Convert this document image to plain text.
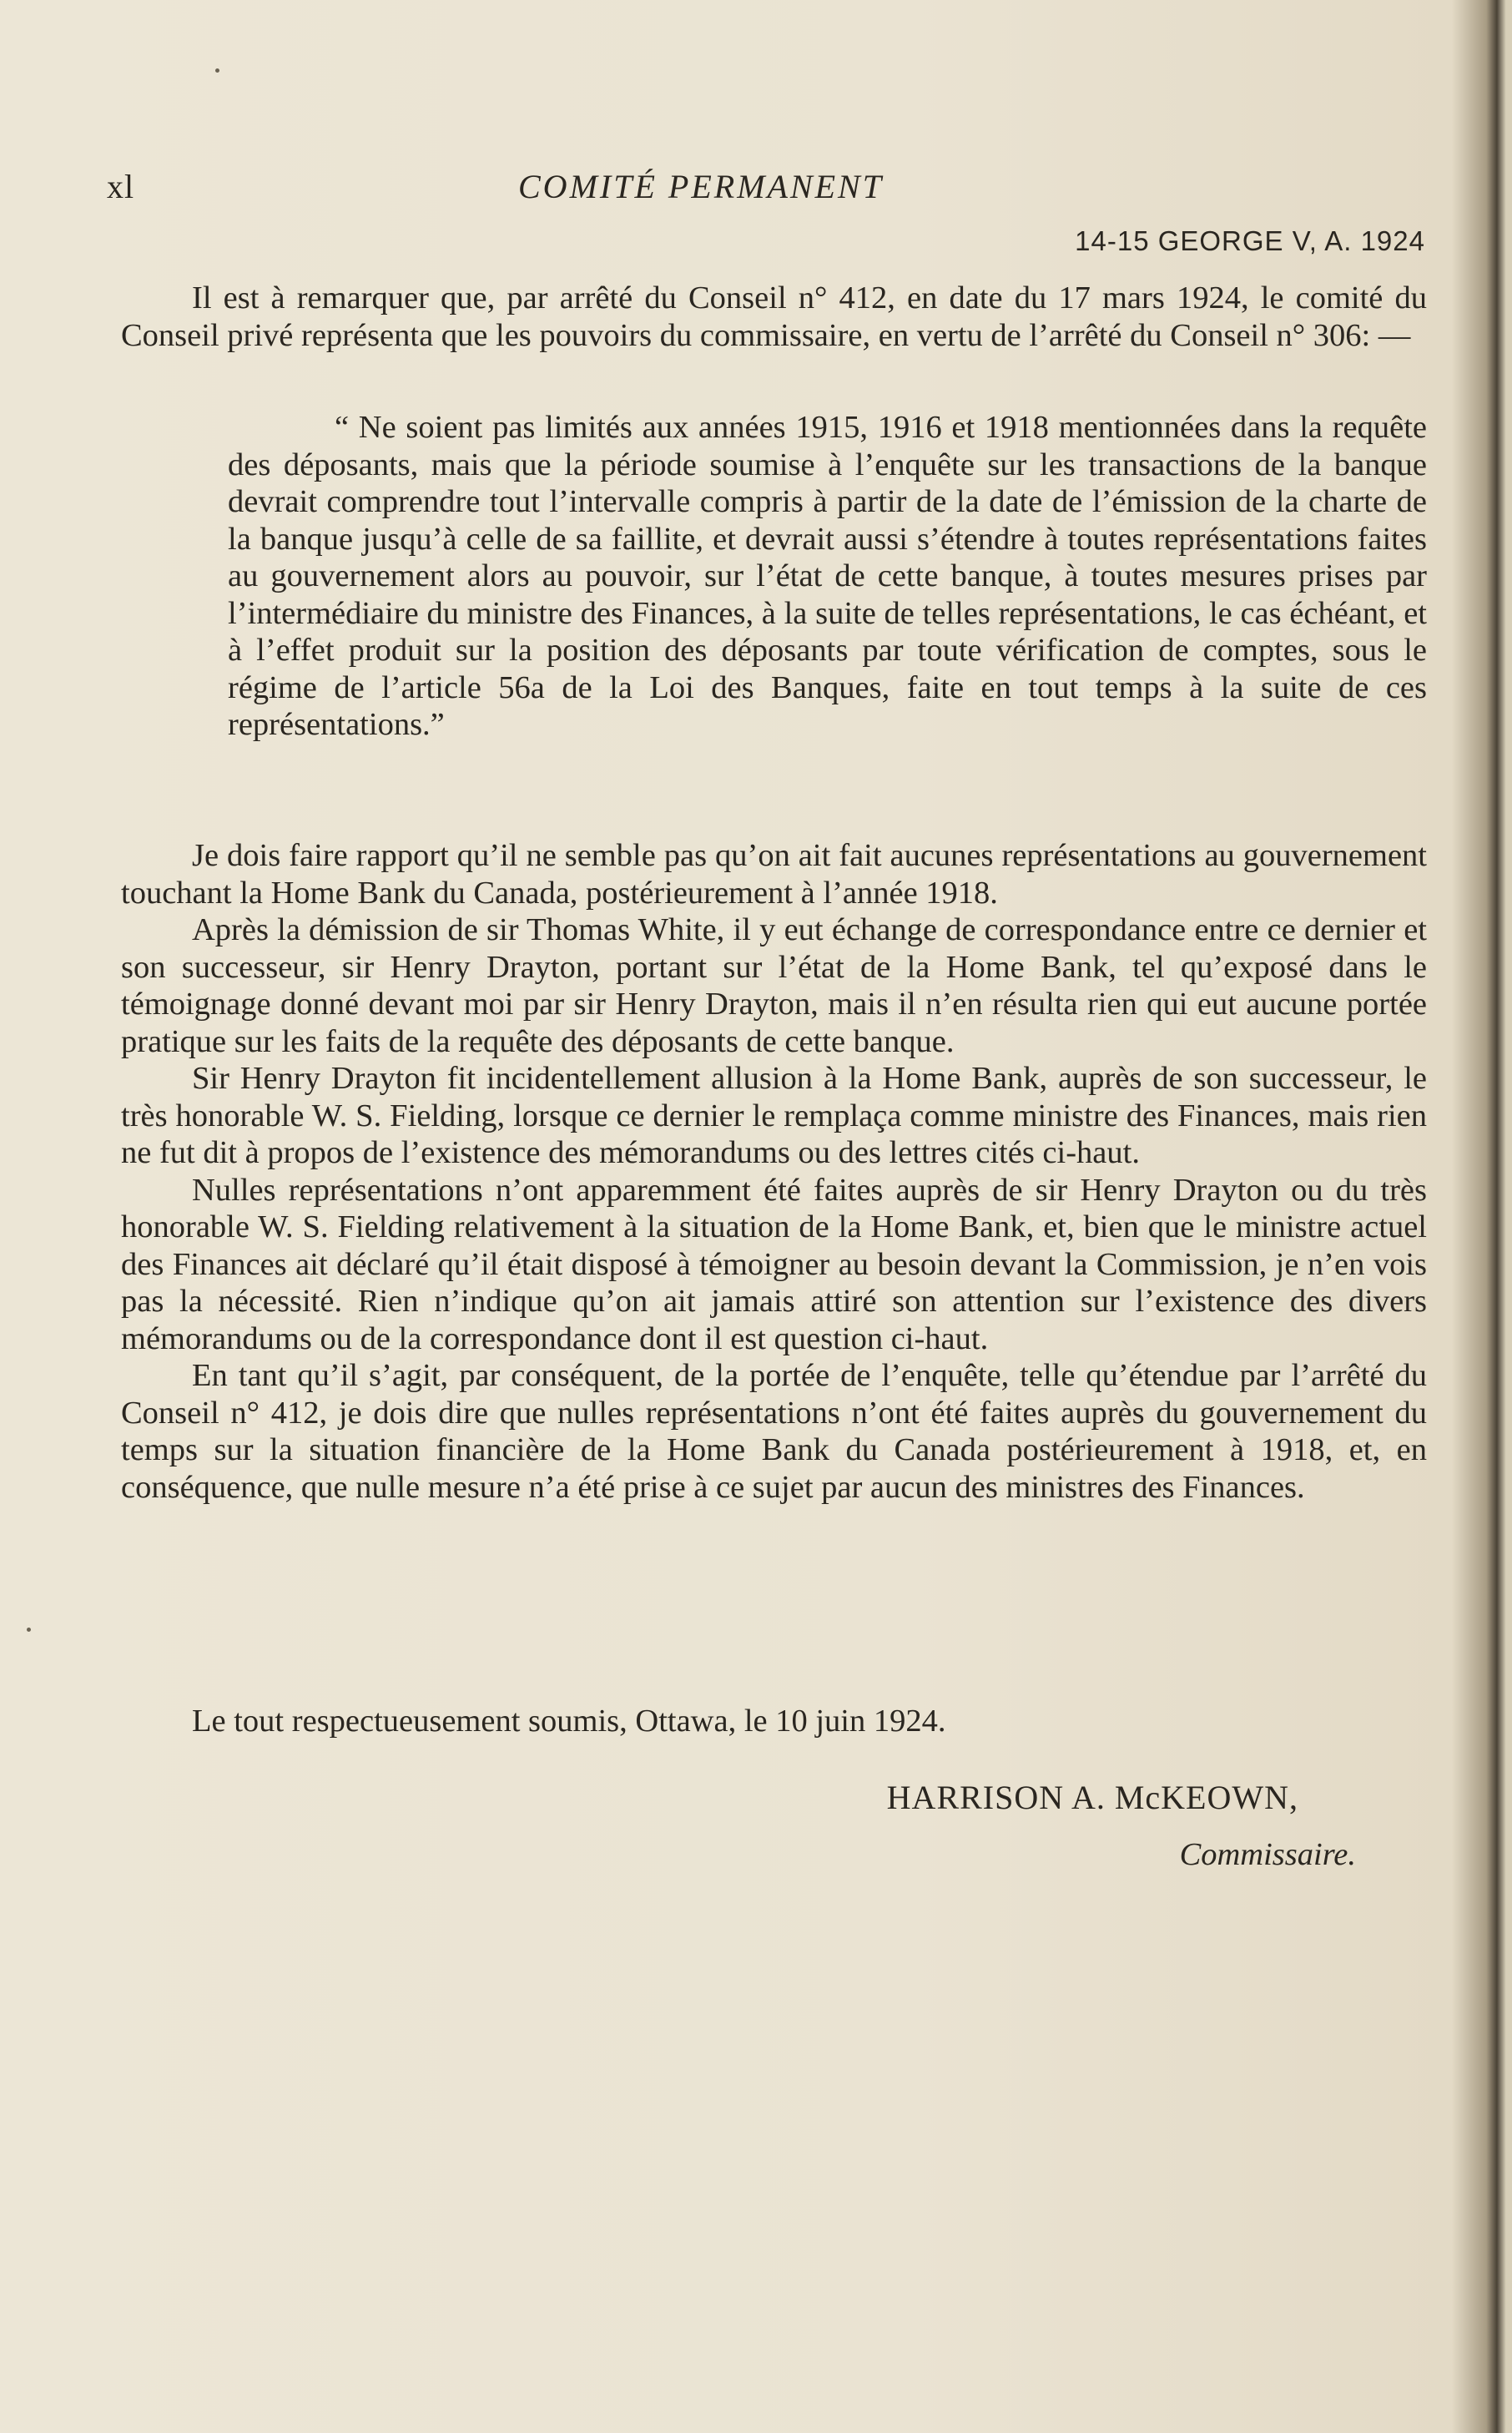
xl	COMITÉ PERMANENT
14-15 GEORGE V, A. 1924

Il est à remarquer que, par arrêté du Conseil n° 412, en date du 17 mars 1924, le comité du Conseil privé représenta que les pouvoirs du commissaire, en vertu de l’arrêté du Conseil n° 306: —

“ Ne soient pas limités aux années 1915, 1916 et 1918 mentionnées dans la requête des déposants, mais que la période soumise à l’enquête sur les transactions de la banque devrait comprendre tout l’intervalle compris à partir de la date de l’émission de la charte de la banque jusqu’à celle de sa faillite, et devrait aussi s’étendre à toutes représentations faites au gouvernement alors au pouvoir, sur l’état de cette banque, à toutes mesures prises par l’intermédiaire du ministre des Finances, à la suite de telles représentations, le cas échéant, et à l’effet produit sur la position des déposants par toute vérification de comptes, sous le régime de l’article 56a de la Loi des Banques, faite en tout temps à la suite de ces représentations.”

Je dois faire rapport qu’il ne semble pas qu’on ait fait aucunes représentations au gouvernement touchant la Home Bank du Canada, postérieurement à l’année 1918.

Après la démission de sir Thomas White, il y eut échange de correspondance entre ce dernier et son successeur, sir Henry Drayton, portant sur l’état de la Home Bank, tel qu’exposé dans le témoignage donné devant moi par sir Henry Drayton, mais il n’en résulta rien qui eut aucune portée pratique sur les faits de la requête des déposants de cette banque.

Sir Henry Drayton fit incidentellement allusion à la Home Bank, auprès de son successeur, le très honorable W. S. Fielding, lorsque ce dernier le remplaça comme ministre des Finances, mais rien ne fut dit à propos de l’existence des mémorandums ou des lettres cités ci-haut.

Nulles représentations n’ont apparemment été faites auprès de sir Henry Drayton ou du très honorable W. S. Fielding relativement à la situation de la Home Bank, et, bien que le ministre actuel des Finances ait déclaré qu’il était disposé à témoigner au besoin devant la Commission, je n’en vois pas la nécessité. Rien n’indique qu’on ait jamais attiré son attention sur l’existence des divers mémorandums ou de la correspondance dont il est question ci-haut.

En tant qu’il s’agit, par conséquent, de la portée de l’enquête, telle qu’étendue par l’arrêté du Conseil n° 412, je dois dire que nulles représentations n’ont été faites auprès du gouvernement du temps sur la situation financière de la Home Bank du Canada postérieurement à 1918, et, en conséquence, que nulle mesure n’a été prise à ce sujet par aucun des ministres des Finances.

Le tout respectueusement soumis, Ottawa, le 10 juin 1924.
HARRISON A. McKEOWN,
Commissaire.
